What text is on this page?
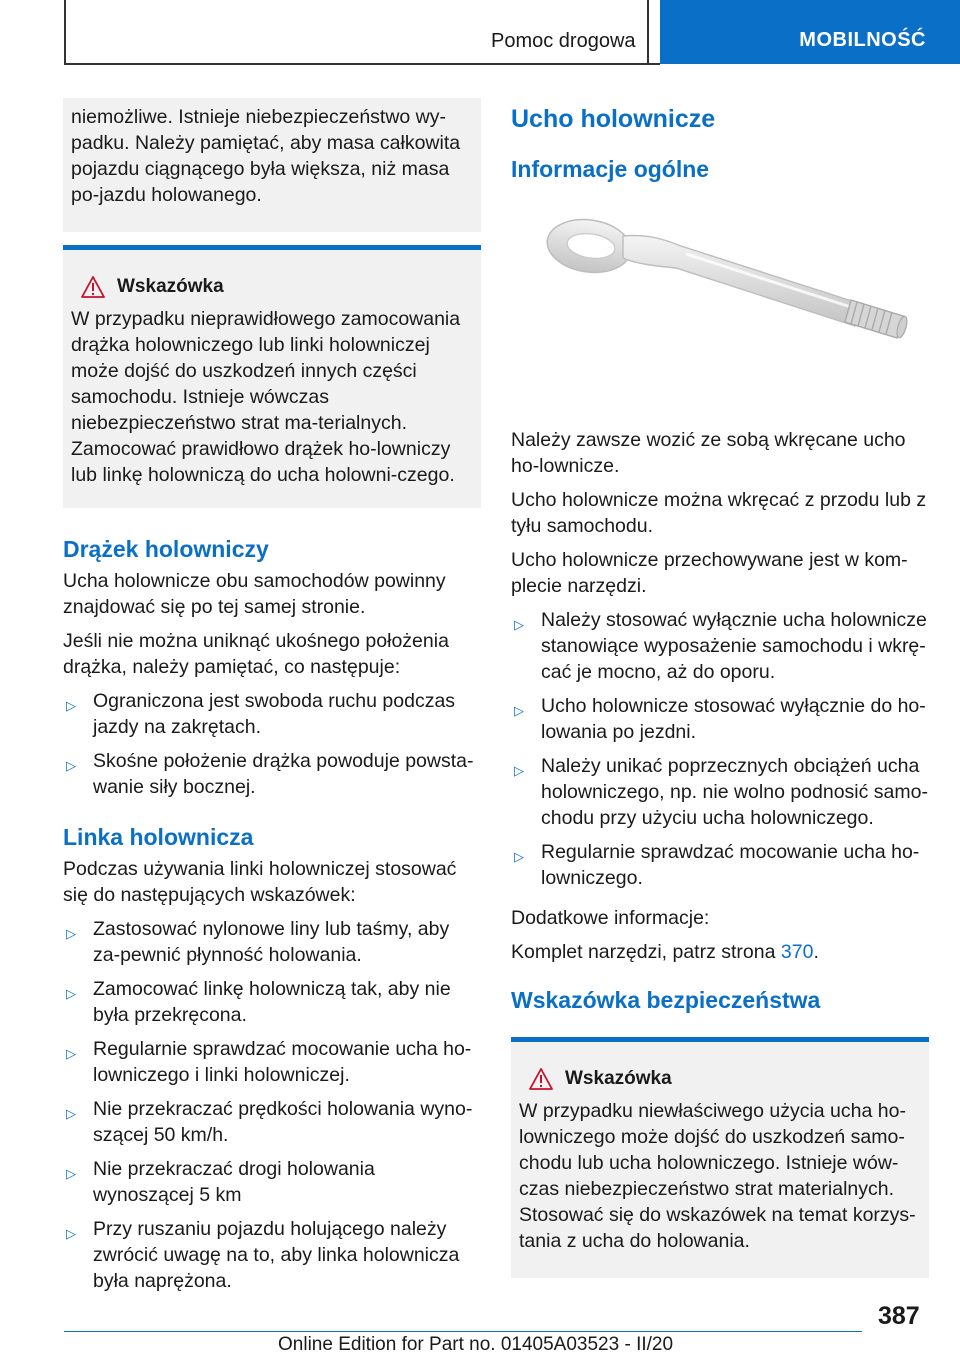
Pomoc drogowa	MOBILNOŚĆ

niemożliwe. Istnieje niebezpieczeństwo wy-padku. Należy pamiętać, aby masa całkowita pojazdu ciągnącego była większa, niż masa po-jazdu holowanego.

Wskazówka

W przypadku nieprawidłowego zamocowania drążka holowniczego lub linki holowniczej może dojść do uszkodzeń innych części samochodu. Istnieje wówczas niebezpieczeństwo strat ma-terialnych. Zamocować prawidłowo drążek ho-lowniczy lub linkę holowniczą do ucha holowni-czego.

Drążek holowniczy

Ucha holownicze obu samochodów powinny znajdować się po tej samej stronie.

Jeśli nie można uniknąć ukośnego położenia drążka, należy pamiętać, co następuje:

▷ Ograniczona jest swoboda ruchu podczas jazdy na zakrętach.
▷ Skośne położenie drążka powoduje powsta-wanie siły bocznej.
Linka holownicza

Podczas używania linki holowniczej stosować się do następujących wskazówek:

▷ Zastosować nylonowe liny lub taśmy, aby za-pewnić płynność holowania.
▷ Zamocować linkę holowniczą tak, aby nie była przekręcona.
▷ Regularnie sprawdzać mocowanie ucha ho-lowniczego i linki holowniczej.
▷ Nie przekraczać prędkości holowania wyno-szącej 50 km/h.
▷ Nie przekraczać drogi holowania wynoszącej 5 km
▷ Przy ruszaniu pojazdu holującego należy zwrócić uwagę na to, aby linka holownicza była naprężona.
Ucho holownicze
Informacje ogólne

Należy zawsze wozić ze sobą wkręcane ucho ho-lownicze.

Ucho holownicze można wkręcać z przodu lub z tyłu samochodu.

Ucho holownicze przechowywane jest w kom-plecie narzędzi.

▷ Należy stosować wyłącznie ucha holownicze stanowiące wyposażenie samochodu i wkrę-cać je mocno, aż do oporu.
▷ Ucho holownicze stosować wyłącznie do ho-lowania po jezdni.
▷ Należy unikać poprzecznych obciążeń ucha holowniczego, np. nie wolno podnosić samo-chodu przy użyciu ucha holowniczego.
▷ Regularnie sprawdzać mocowanie ucha ho-lowniczego.

Dodatkowe informacje:

Komplet narzędzi, patrz strona 370.

Wskazówka bezpieczeństwa
Wskazówka

W przypadku niewłaściwego użycia ucha ho-lowniczego może dojść do uszkodzeń samo-chodu lub ucha holowniczego. Istnieje wów-czas niebezpieczeństwo strat materialnych. Stosować się do wskazówek na temat korzys-tania z ucha do holowania.

387
Online Edition for Part no. 01405A03523 - II/20
